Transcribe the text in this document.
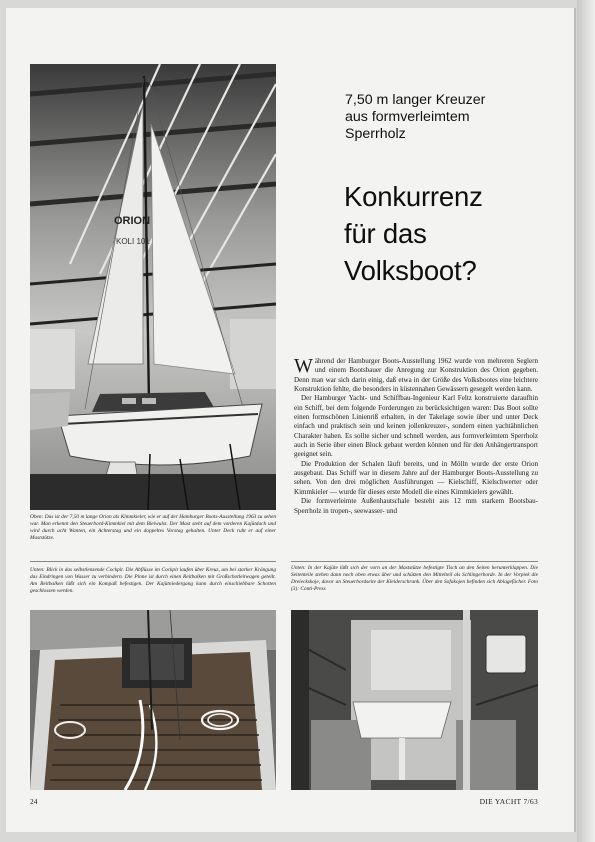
ORION
KOLI 101
7,50 m langer Kreuzer
aus formverleimtem
Sperrholz
Konkurrenz
für das
Volksboot?

Während der Hamburger Boots-Ausstellung 1962 wurde von mehreren Seglern und einem Bootsbauer die Anregung zur Konstruktion des Orion gegeben. Denn man war sich darin einig, daß etwa in der Größe des Volksbootes eine leichtere Konstruktion fehlte, die besonders in küstennahen Gewässern gesegelt werden kann.

Der Hamburger Yacht- und Schiffbau-Ingenieur Karl Feltz konstruierte daraufhin ein Schiff, bei dem folgende Forderungen zu berücksichtigen waren: Das Boot sollte einen formschönen Linienriß erhalten, in der Takelage sowie über und unter Deck einfach und praktisch sein und keinen jollenkreuzer-, sondern einen yachtähnlichen Charakter haben. Es sollte sicher und schnell werden, aus formverleimtem Sperrholz auch in Serie über einen Block gebaut werden können und für den Anhängertransport geeignet sein.

Die Produktion der Schalen läuft bereits, und in Mölln wurde der erste Orion ausgebaut. Das Schiff war in diesem Jahre auf der Hamburger Boots-Ausstellung zu sehen. Von den drei möglichen Ausführungen — Kielschiff, Kielschwerter oder Kimmkieler — wurde für dieses erste Modell die eines Kimmkielers gewählt.

Die formverleimte Außenhautschale besteht aus 12 mm starkem Bootsbau-Sperrholz in tropen-, seewasser- und

Oben: Das ist der 7,50 m lange Orion als Kimmkieler, wie er auf der Hamburger Boots-Ausstellung 1963 zu sehen war. Man erkennt den Steuerbord-Kimmkiel mit dem Bleiwulst. Der Mast steht auf dem vorderen Kajütdach und wird durch acht Wanten, ein Achterstag und ein doppeltes Vorstag gehalten. Unter Deck ruht er auf einer Maststütze.

Unten: Blick in das selbstlenzende Cockpit. Die Abflüsse im Cockpit laufen über Kreuz, um bei starker Krängung das Eindringen von Wasser zu verhindern. Die Pinne ist durch einen Reitbalken mit Großschotleitwagen geteilt. Am Reitbalken läßt sich ein Kompaß befestigen. Der Kajütniedergang kann durch einschiebbare Schotten geschlossen werden.

Unten: In der Kajüte läßt sich der vorn an der Maststütze befestigte Tisch an den Seiten herunterklappen. Die Seitenteile stehen dann noch oben etwas über und schützen den Mittelteil als Schlingerborde. In der Vorpiek die Dreieckskoje, davor an Steuerbordseite der Kleiderschrank. Über den Sofakojen befinden sich Ablagefächer. Foto (3): Conti-Press

24	DIE YACHT 7/63
